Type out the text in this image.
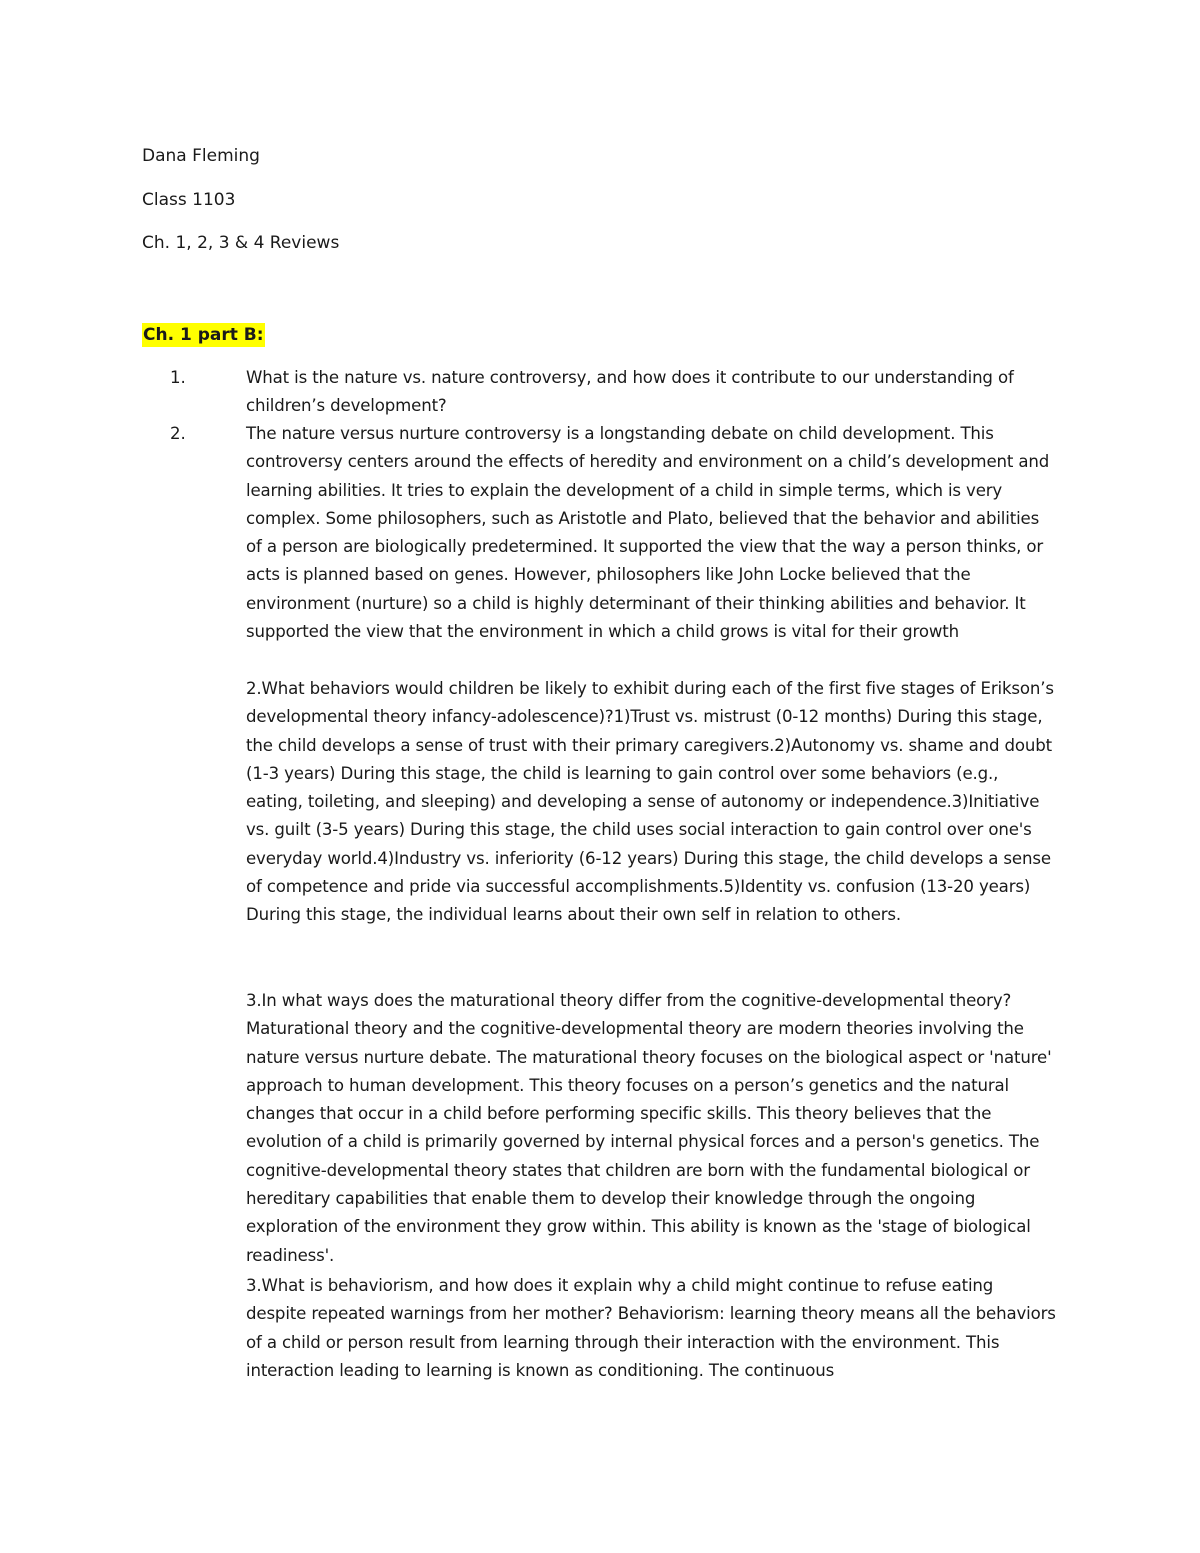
Dana Fleming
Class 1103
Ch. 1, 2, 3 & 4 Reviews
Ch. 1 part B:
1.	What is the nature vs. nature controversy, and how does it contribute to our understanding of children’s development?

2.	The nature versus nurture controversy is a longstanding debate on child development. This controversy centers around the effects of heredity and environment on a child’s development and learning abilities. It tries to explain the development of a child in simple terms, which is very complex. Some philosophers, such as Aristotle and Plato, believed that the behavior and abilities of a person are biologically predetermined. It supported the view that the way a person thinks, or acts is planned based on genes. However, philosophers like John Locke believed that the environment (nurture) so a child is highly determinant of their thinking abilities and behavior. It supported the view that the environment in which a child grows is vital for their growth

2.What behaviors would children be likely to exhibit during each of the first five stages of Erikson’s developmental theory infancy-adolescence)?1)Trust vs. mistrust (0-12 months) During this stage, the child develops a sense of trust with their primary caregivers.2)Autonomy vs. shame and doubt (1-3 years) During this stage, the child is learning to gain control over some behaviors (e.g., eating, toileting, and sleeping) and developing a sense of autonomy or independence.3)Initiative vs. guilt (3-5 years) During this stage, the child uses social interaction to gain control over one's everyday world.4)Industry vs. inferiority (6-12 years) During this stage, the child develops a sense of competence and pride via successful accomplishments.5)Identity vs. confusion (13-20 years) During this stage, the individual learns about their own self in relation to others.

3.In what ways does the maturational theory differ from the cognitive-developmental theory? Maturational theory and the cognitive-developmental theory are modern theories involving the nature versus nurture debate. The maturational theory focuses on the biological aspect or 'nature' approach to human development. This theory focuses on a person’s genetics and the natural changes that occur in a child before performing specific skills. This theory believes that the evolution of a child is primarily governed by internal physical forces and a person's genetics. The cognitive-developmental theory states that children are born with the fundamental biological or hereditary capabilities that enable them to develop their knowledge through the ongoing exploration of the environment they grow within. This ability is known as the 'stage of biological readiness'.

3.What is behaviorism, and how does it explain why a child might continue to refuse eating despite repeated warnings from her mother? Behaviorism: learning theory means all the behaviors of a child or person result from learning through their interaction with the environment. This interaction leading to learning is known as conditioning. The continuous
